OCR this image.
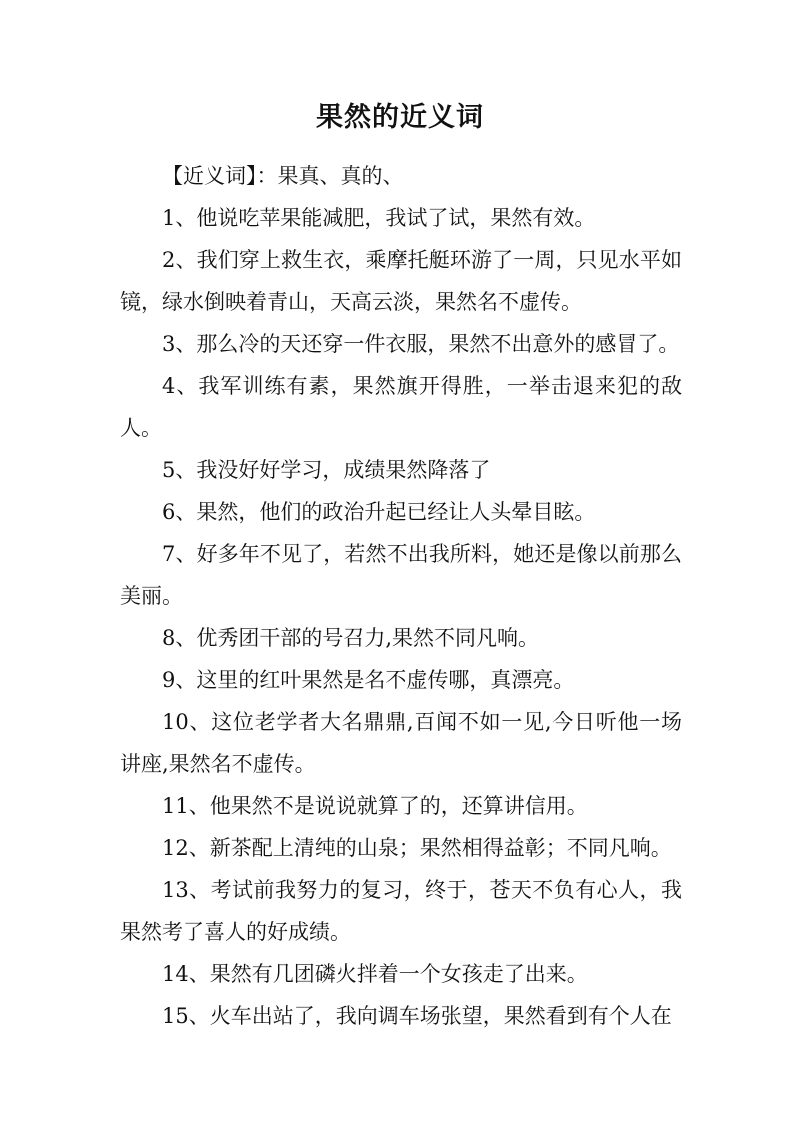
果然的近义词

【近义词】：果真、真的、

1、他说吃苹果能减肥，我试了试，果然有效。

2、我们穿上救生衣，乘摩托艇环游了一周，只见水平如镜，绿水倒映着青山，天高云淡，果然名不虚传。

3、那么冷的天还穿一件衣服，果然不出意外的感冒了。

4、我军训练有素，果然旗开得胜，一举击退来犯的敌人。

5、我没好好学习，成绩果然降落了

6、果然，他们的政治升起已经让人头晕目眩。

7、好多年不见了，若然不出我所料，她还是像以前那么美丽。

8、优秀团干部的号召力,果然不同凡响。

9、这里的红叶果然是名不虚传哪，真漂亮。

10、这位老学者大名鼎鼎,百闻不如一见,今日听他一场讲座,果然名不虚传。

11、他果然不是说说就算了的，还算讲信用。

12、新茶配上清纯的山泉；果然相得益彰；不同凡响。

13、考试前我努力的复习，终于，苍天不负有心人，我果然考了喜人的好成绩。

14、果然有几团磷火拌着一个女孩走了出来。

15、火车出站了，我向调车场张望，果然看到有个人在
